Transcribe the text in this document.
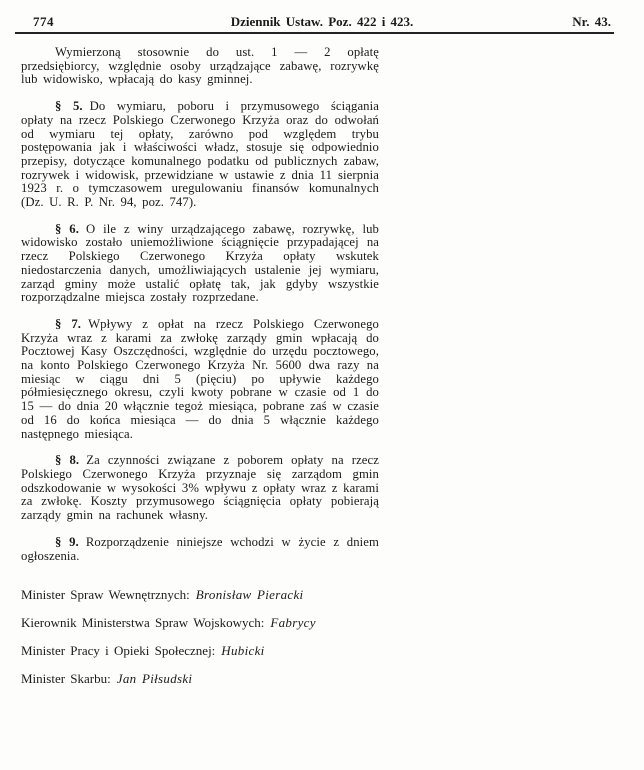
774	Dziennik Ustaw. Poz. 422 i 423.	Nr. 43.

Wymierzoną stosownie do ust. 1 — 2 opłatę przedsiębiorcy, względnie osoby urządzające zabawę, rozrywkę lub widowisko, wpłacają do kasy gminnej.

§ 5. Do wymiaru, poboru i przymusowego ściągania opłaty na rzecz Polskiego Czerwonego Krzyża oraz do odwołań od wymiaru tej opłaty, zarówno pod względem trybu postępowania jak i właściwości władz, stosuje się odpowiednio przepisy, dotyczące komunalnego podatku od publicznych zabaw, rozrywek i widowisk, przewidziane w ustawie z dnia 11 sierpnia 1923 r. o tymczasowem uregulowaniu finansów komunalnych (Dz. U. R. P. Nr. 94, poz. 747).

§ 6. O ile z winy urządzającego zabawę, rozrywkę, lub widowisko zostało uniemożliwione ściągnięcie przypadającej na rzecz Polskiego Czerwonego Krzyża opłaty wskutek niedostarczenia danych, umożliwiających ustalenie jej wymiaru, zarząd gminy może ustalić opłatę tak, jak gdyby wszystkie rozporządzalne miejsca zostały rozprzedane.

§ 7. Wpływy z opłat na rzecz Polskiego Czerwonego Krzyża wraz z karami za zwłokę zarządy gmin wpłacają do Pocztowej Kasy Oszczędności, względnie do urzędu pocztowego, na konto Polskiego Czerwonego Krzyża Nr. 5600 dwa razy na miesiąc w ciągu dni 5 (pięciu) po upływie każdego półmiesięcznego okresu, czyli kwoty pobrane w czasie od 1 do 15 — do dnia 20 włącznie tegoż miesiąca, pobrane zaś w czasie od 16 do końca miesiąca — do dnia 5 włącznie każdego następnego miesiąca.

§ 8. Za czynności związane z poborem opłaty na rzecz Polskiego Czerwonego Krzyża przyznaje się zarządom gmin odszkodowanie w wysokości 3% wpływu z opłaty wraz z karami za zwłokę. Koszty przymusowego ściągnięcia opłaty pobierają zarządy gmin na rachunek własny.

§ 9. Rozporządzenie niniejsze wchodzi w życie z dniem ogłoszenia.

Minister Spraw Wewnętrznych: Bronisław Pieracki

Kierownik Ministerstwa Spraw Wojskowych: Fabrycy

Minister Pracy i Opieki Społecznej: Hubicki

Minister Skarbu: Jan Piłsudski
